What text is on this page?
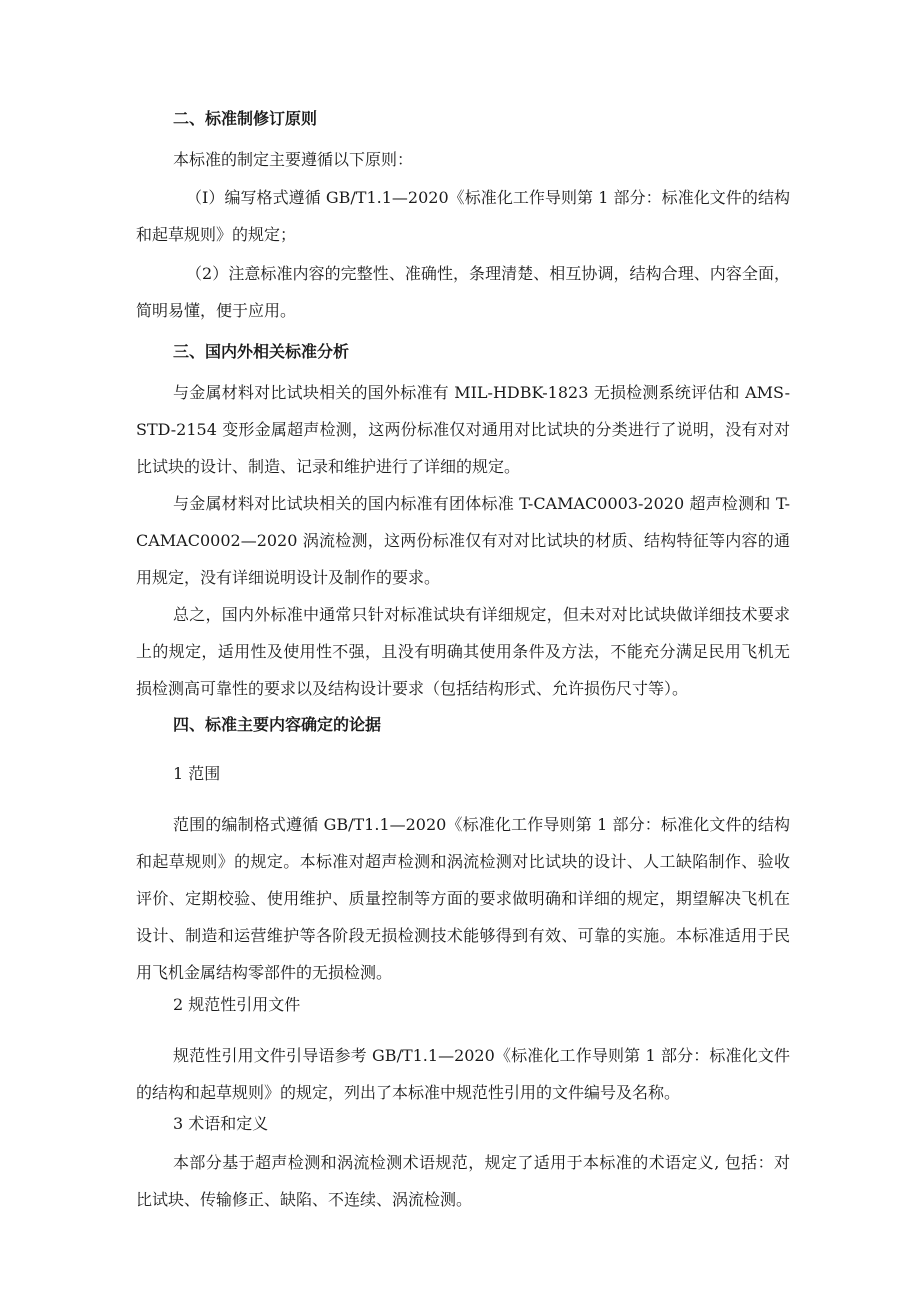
二、标准制修订原则
本标准的制定主要遵循以下原则：
（I）编写格式遵循 GB/T1.1—2020《标准化工作导则第 1 部分：标准化文件的结构和起草规则》的规定；
（2）注意标准内容的完整性、准确性，条理清楚、相互协调，结构合理、内容全面，简明易懂，便于应用。
三、国内外相关标准分析
与金属材料对比试块相关的国外标准有 MIL-HDBK-1823 无损检测系统评估和 AMS-STD-2154 变形金属超声检测，这两份标准仅对通用对比试块的分类进行了说明，没有对对比试块的设计、制造、记录和维护进行了详细的规定。
与金属材料对比试块相关的国内标准有团体标准 T-CAMAC0003-2020 超声检测和 T-CAMAC0002—2020 涡流检测，这两份标准仅有对对比试块的材质、结构特征等内容的通用规定，没有详细说明设计及制作的要求。
总之，国内外标准中通常只针对标准试块有详细规定，但未对对比试块做详细技术要求上的规定，适用性及使用性不强，且没有明确其使用条件及方法，不能充分满足民用飞机无损检测高可靠性的要求以及结构设计要求（包括结构形式、允许损伤尺寸等）。
四、标准主要内容确定的论据
1 范围
范围的编制格式遵循 GB/T1.1—2020《标准化工作导则第 1 部分：标准化文件的结构和起草规则》的规定。本标准对超声检测和涡流检测对比试块的设计、人工缺陷制作、验收评价、定期校验、使用维护、质量控制等方面的要求做明确和详细的规定，期望解决飞机在设计、制造和运营维护等各阶段无损检测技术能够得到有效、可靠的实施。本标准适用于民用飞机金属结构零部件的无损检测。
2 规范性引用文件
规范性引用文件引导语参考 GB/T1.1—2020《标准化工作导则第 1 部分：标准化文件的结构和起草规则》的规定，列出了本标准中规范性引用的文件编号及名称。
3 术语和定义
本部分基于超声检测和涡流检测术语规范，规定了适用于本标准的术语定义, 包括：对比试块、传输修正、缺陷、不连续、涡流检测。
